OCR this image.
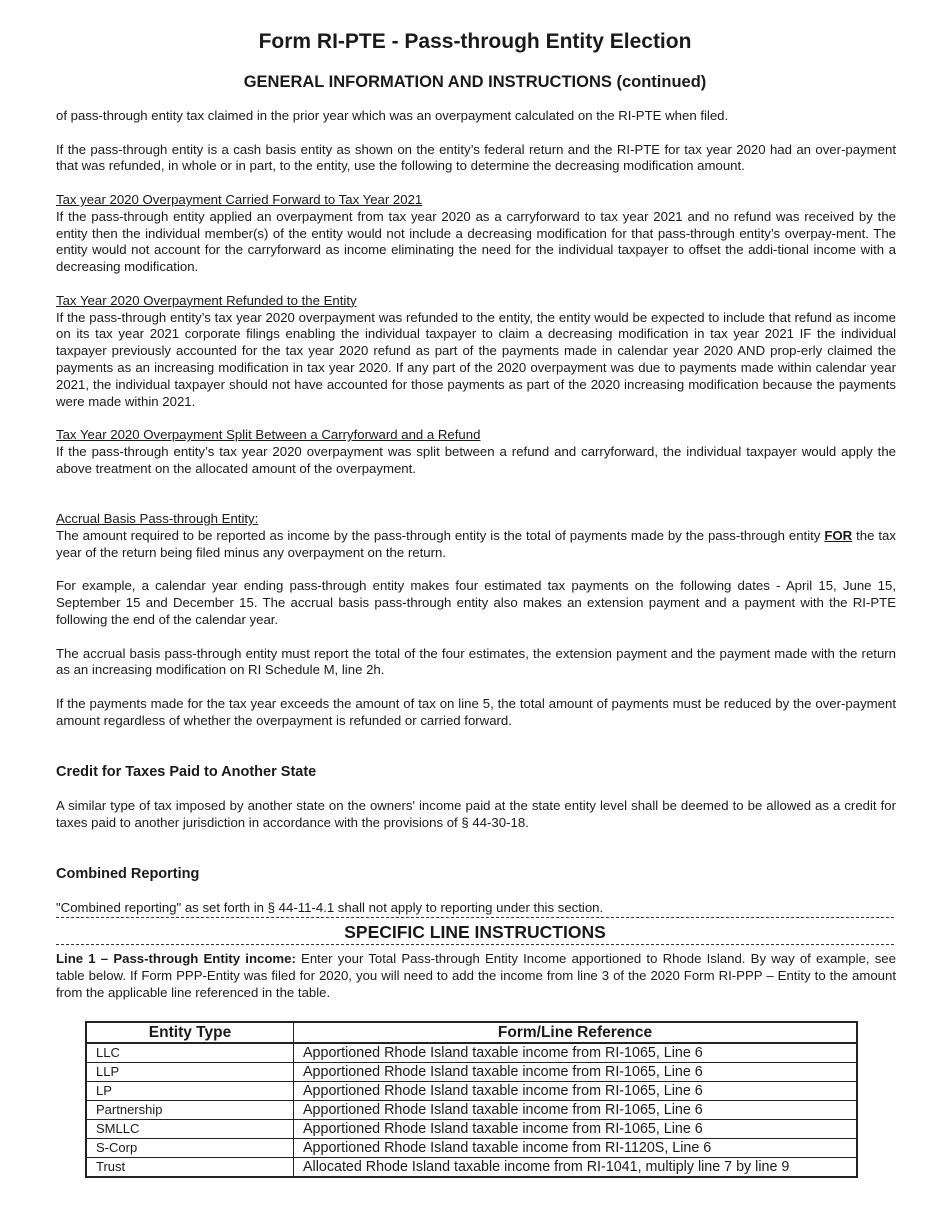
Form RI-PTE - Pass-through Entity Election
GENERAL INFORMATION AND INSTRUCTIONS (continued)

of pass-through entity tax claimed in the prior year which was an overpayment calculated on the RI-PTE when filed.

If the pass-through entity is a cash basis entity as shown on the entity’s federal return and the RI-PTE for tax year 2020 had an over-payment that was refunded, in whole or in part, to the entity, use the following to determine the decreasing modification amount.

Tax year 2020 Overpayment Carried Forward to Tax Year 2021

If the pass-through entity applied an overpayment from tax year 2020 as a carryforward to tax year 2021 and no refund was received by the entity then the individual member(s) of the entity would not include a decreasing modification for that pass-through entity’s overpay-ment. The entity would not account for the carryforward as income eliminating the need for the individual taxpayer to offset the addi-tional income with a decreasing modification.

Tax Year 2020 Overpayment Refunded to the Entity

If the pass-through entity’s tax year 2020 overpayment was refunded to the entity, the entity would be expected to include that refund as income on its tax year 2021 corporate filings enabling the individual taxpayer to claim a decreasing modification in tax year 2021 IF the individual taxpayer previously accounted for the tax year 2020 refund as part of the payments made in calendar year 2020 AND prop-erly claimed the payments as an increasing modification in tax year 2020. If any part of the 2020 overpayment was due to payments made within calendar year 2021, the individual taxpayer should not have accounted for those payments as part of the 2020 increasing modification because the payments were made within 2021.

Tax Year 2020 Overpayment Split Between a Carryforward and a Refund

If the pass-through entity’s tax year 2020 overpayment was split between a refund and carryforward, the individual taxpayer would apply the above treatment on the allocated amount of the overpayment.

Accrual Basis Pass-through Entity:

The amount required to be reported as income by the pass-through entity is the total of payments made by the pass-through entity FOR the tax year of the return being filed minus any overpayment on the return.

For example, a calendar year ending pass-through entity makes four estimated tax payments on the following dates - April 15, June 15, September 15 and December 15. The accrual basis pass-through entity also makes an extension payment and a payment with the RI-PTE following the end of the calendar year.

The accrual basis pass-through entity must report the total of the four estimates, the extension payment and the payment made with the return as an increasing modification on RI Schedule M, line 2h.

If the payments made for the tax year exceeds the amount of tax on line 5, the total amount of payments must be reduced by the over-payment amount regardless of whether the overpayment is refunded or carried forward.

Credit for Taxes Paid to Another State

A similar type of tax imposed by another state on the owners' income paid at the state entity level shall be deemed to be allowed as a credit for taxes paid to another jurisdiction in accordance with the provisions of § 44-30-18.

Combined Reporting

"Combined reporting" as set forth in § 44-11-4.1 shall not apply to reporting under this section.

SPECIFIC LINE INSTRUCTIONS

Line 1 – Pass-through Entity income: Enter your Total Pass-through Entity Income apportioned to Rhode Island. By way of example, see table below. If Form PPP-Entity was filed for 2020, you will need to add the income from line 3 of the 2020 Form RI-PPP – Entity to the amount from the applicable line referenced in the table.

Entity Type	Form/Line Reference
LLC	Apportioned Rhode Island taxable income from RI-1065, Line 6
LLP	Apportioned Rhode Island taxable income from RI-1065, Line 6
LP	Apportioned Rhode Island taxable income from RI-1065, Line 6
Partnership	Apportioned Rhode Island taxable income from RI-1065, Line 6
SMLLC	Apportioned Rhode Island taxable income from RI-1065, Line 6
S-Corp	Apportioned Rhode Island taxable income from RI-1120S, Line 6
Trust	Allocated Rhode Island taxable income from RI-1041, multiply line 7 by line 9
